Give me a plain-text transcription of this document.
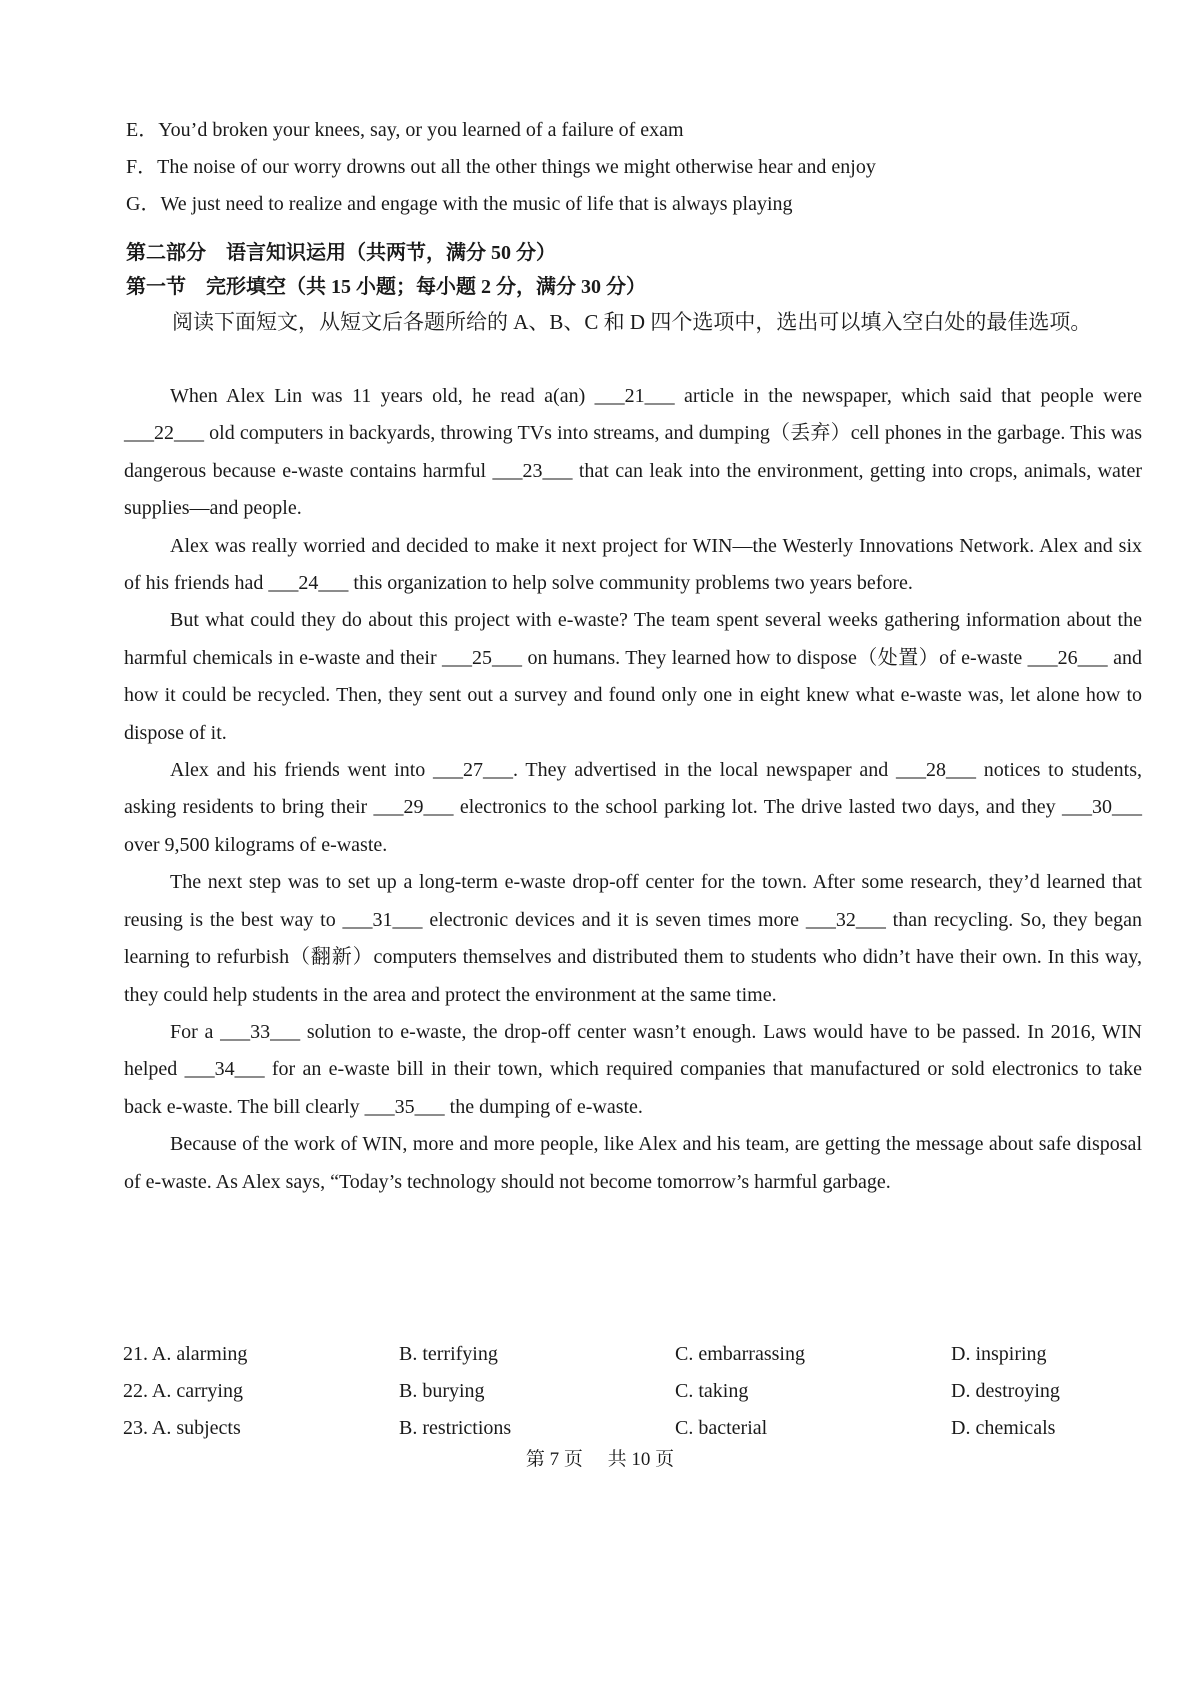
E．You’d broken your knees, say, or you learned of a failure of exam
F．The noise of our worry drowns out all the other things we might otherwise hear and enjoy
G．We just need to realize and engage with the music of life that is always playing
第二部分　语言知识运用（共两节，满分 50 分）
第一节　完形填空（共 15 小题；每小题 2 分，满分 30 分）
阅读下面短文，从短文后各题所给的 A、B、C 和 D 四个选项中，选出可以填入空白处的最佳选项。

When Alex Lin was 11 years old, he read a(an) ___21___ article in the newspaper, which said that people were ___22___ old computers in backyards, throwing TVs into streams, and dumping（丢弃）cell phones in the garbage. This was dangerous because e-waste contains harmful ___23___ that can leak into the environment, getting into crops, animals, water supplies—and people.

Alex was really worried and decided to make it next project for WIN—the Westerly Innovations Network. Alex and six of his friends had ___24___ this organization to help solve community problems two years before.

But what could they do about this project with e-waste? The team spent several weeks gathering information about the harmful chemicals in e-waste and their ___25___ on humans. They learned how to dispose（处置）of e-waste ___26___ and how it could be recycled. Then, they sent out a survey and found only one in eight knew what e-waste was, let alone how to dispose of it.

Alex and his friends went into ___27___. They advertised in the local newspaper and ___28___ notices to students, asking residents to bring their ___29___ electronics to the school parking lot. The drive lasted two days, and they ___30___ over 9,500 kilograms of e-waste.

The next step was to set up a long-term e-waste drop-off center for the town. After some research, they’d learned that reusing is the best way to ___31___ electronic devices and it is seven times more ___32___ than recycling. So, they began learning to refurbish（翻新）computers themselves and distributed them to students who didn’t have their own. In this way, they could help students in the area and protect the environment at the same time.

For a ___33___ solution to e-waste, the drop-off center wasn’t enough. Laws would have to be passed. In 2016, WIN helped ___34___ for an e-waste bill in their town, which required companies that manufactured or sold electronics to take back e-waste. The bill clearly ___35___ the dumping of e-waste.

Because of the work of WIN, more and more people, like Alex and his team, are getting the message about safe disposal of e-waste. As Alex says, “Today’s technology should not become tomorrow’s harmful garbage.

21. A. alarming	B. terrifying	C. embarrassing	D. inspiring
22. A. carrying	B. burying	C. taking	D. destroying
23. A. subjects	B. restrictions	C. bacterial	D. chemicals
第 7 页 共 10 页
